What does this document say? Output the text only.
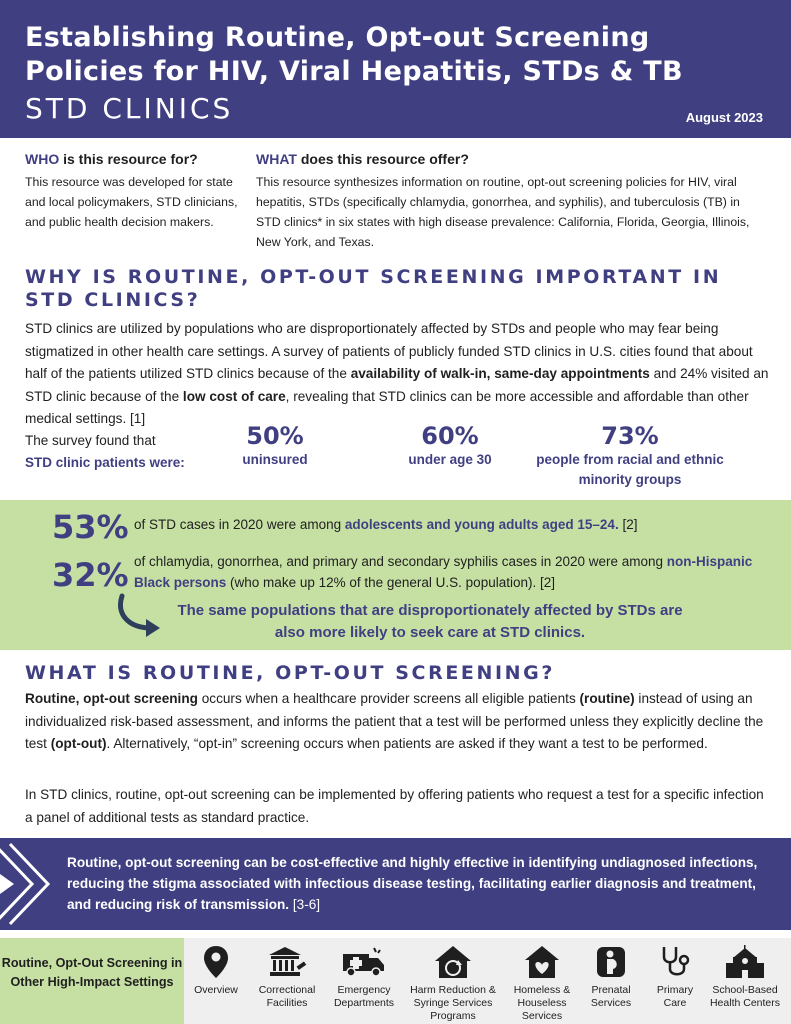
Establishing Routine, Opt-out Screening
Policies for HIV, Viral Hepatitis, STDs & TB
STD CLINICS	August 2023
WHO is this resource for?
This resource was developed for state and local policymakers, STD clinicians, and public health decision makers.
WHAT does this resource offer?
This resource synthesizes information on routine, opt-out screening policies for HIV, viral hepatitis, STDs (specifically chlamydia, gonorrhea, and syphilis), and tuberculosis (TB) in STD clinics* in six states with high disease prevalence: California, Florida, Georgia, Illinois, New York, and Texas.
WHY IS ROUTINE, OPT-OUT SCREENING IMPORTANT IN STD CLINICS?
STD clinics are utilized by populations who are disproportionately affected by STDs and people who may fear being stigmatized in other health care settings. A survey of patients of publicly funded STD clinics in U.S. cities found that about half of the patients utilized STD clinics because of the availability of walk-in, same-day appointments and 24% visited an STD clinic because of the low cost of care, revealing that STD clinics can be more accessible and affordable than other medical settings. [1]
The survey found that
STD clinic patients were:
50%
uninsured
60%
under age 30
73%
people from racial and ethnic minority groups
53% of STD cases in 2020 were among adolescents and young adults aged 15–24. [2]
32% of chlamydia, gonorrhea, and primary and secondary syphilis cases in 2020 were among non-Hispanic Black persons (who make up 12% of the general U.S. population). [2]
The same populations that are disproportionately affected by STDs are also more likely to seek care at STD clinics.
WHAT IS ROUTINE, OPT-OUT SCREENING?
Routine, opt-out screening occurs when a healthcare provider screens all eligible patients (routine) instead of using an individualized risk-based assessment, and informs the patient that a test will be performed unless they explicitly decline the test (opt-out). Alternatively, “opt-in” screening occurs when patients are asked if they want a test to be performed.
In STD clinics, routine, opt-out screening can be implemented by offering patients who request a test for a specific infection a panel of additional tests as standard practice.
Routine, opt-out screening can be cost-effective and highly effective in identifying undiagnosed infections, reducing the stigma associated with infectious disease testing, facilitating earlier diagnosis and treatment, and reducing risk of transmission. [3-6]
Routine, Opt-Out Screening in Other High-Impact Settings
Overview	Correctional Facilities
Emergency Departments
Harm Reduction & Syringe Services Programs
Homeless & Houseless Services
Prenatal Services
Primary Care
School-Based Health Centers
